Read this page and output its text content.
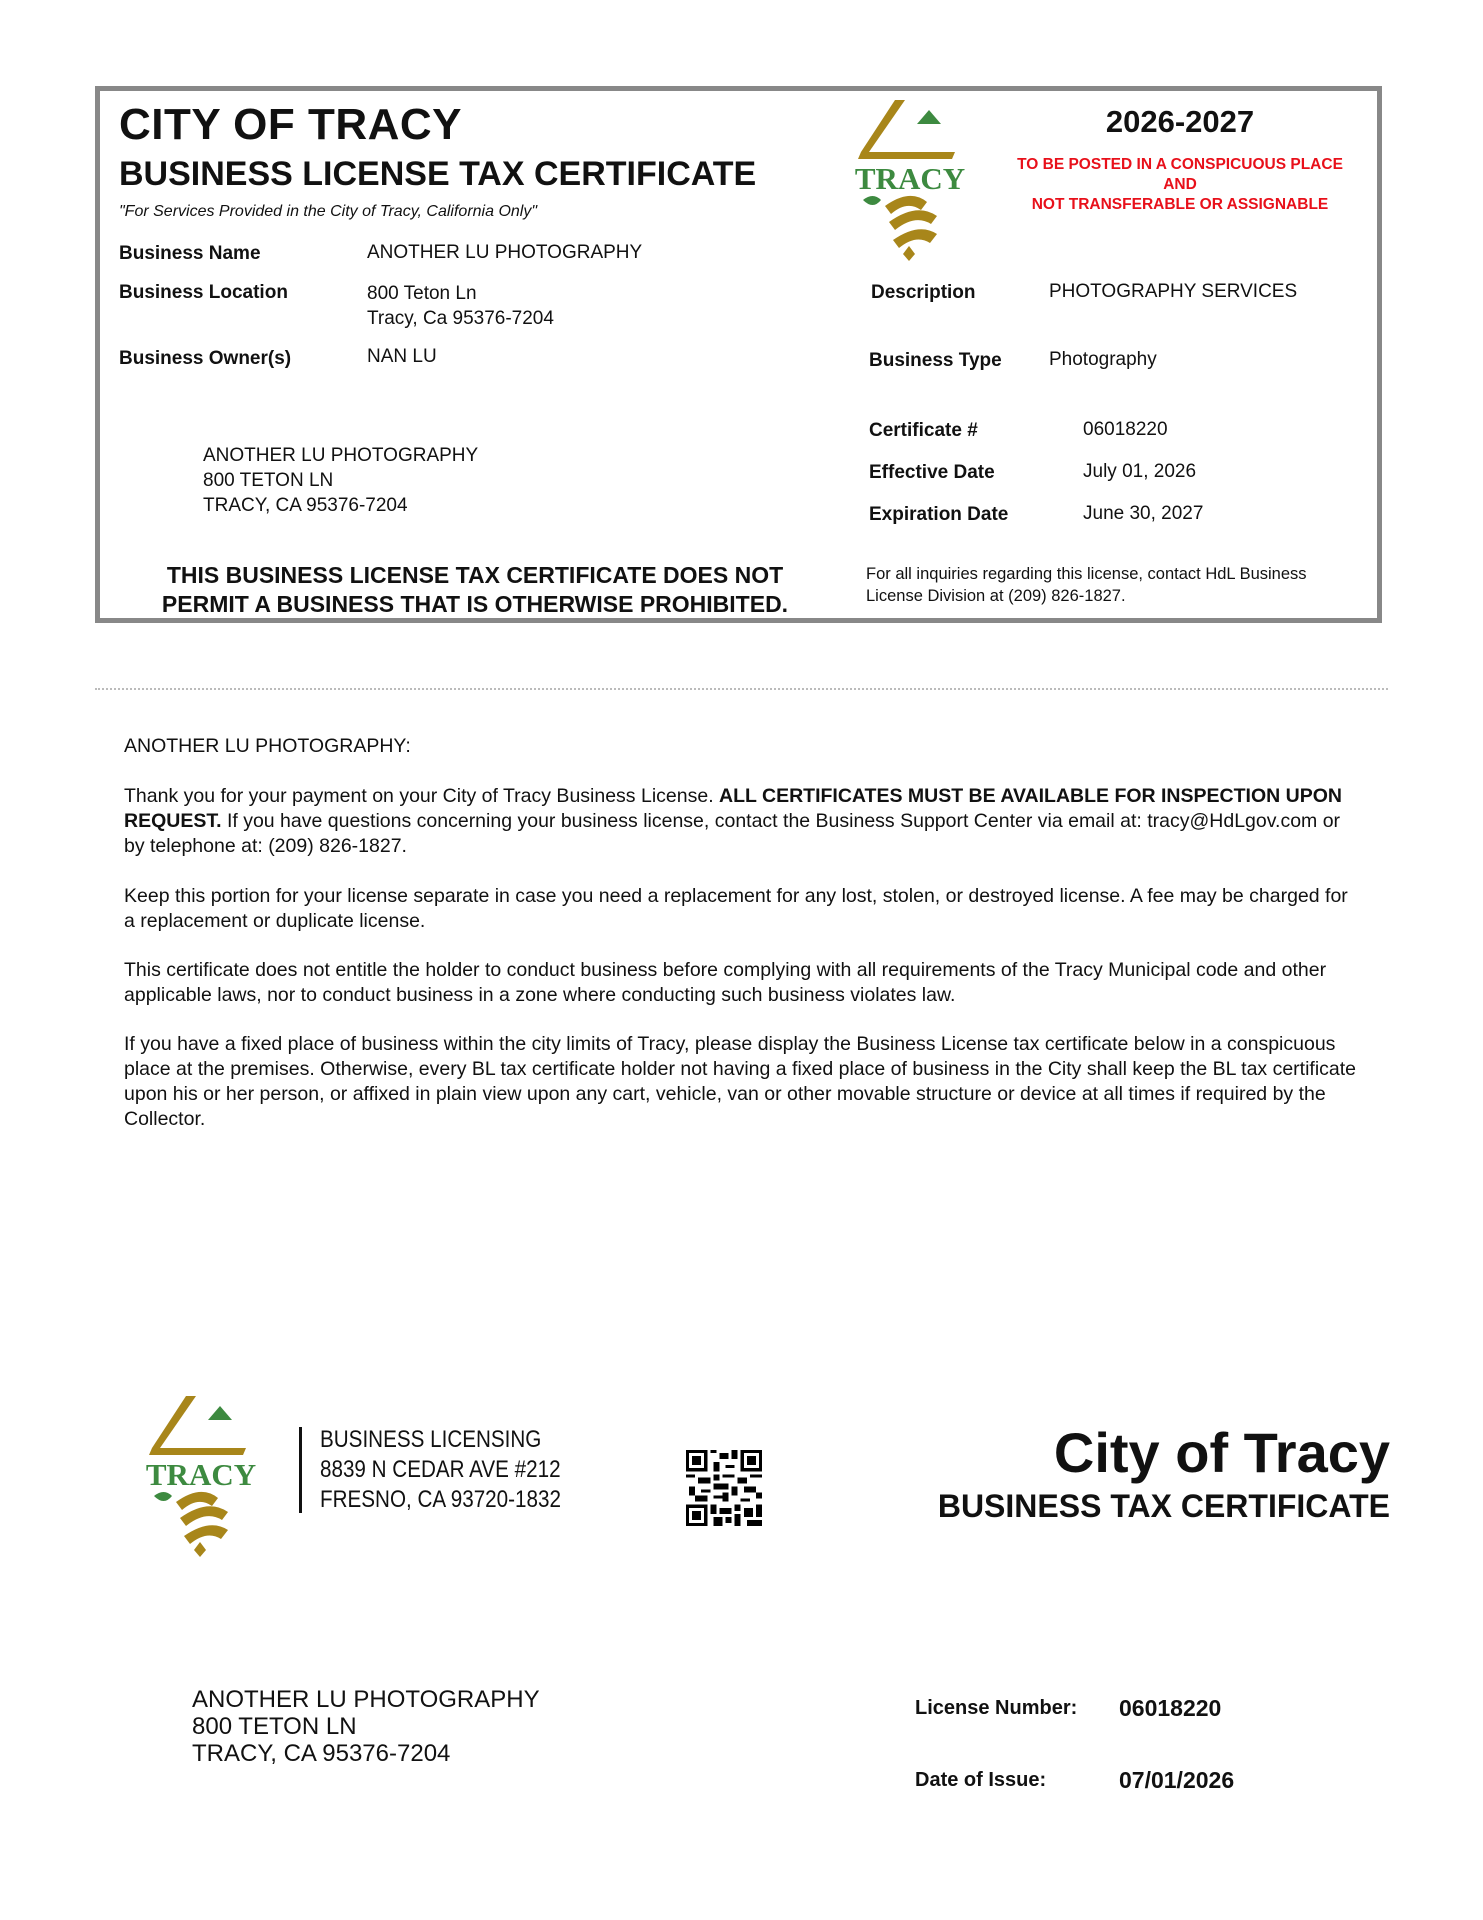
CITY OF TRACY
BUSINESS LICENSE TAX CERTIFICATE
"For Services Provided in the City of Tracy, California Only"
Business Name	ANOTHER LU PHOTOGRAPHY
Business Location	800 Teton Ln
Tracy, Ca 95376-7204
Business Owner(s)	NAN LU
ANOTHER LU PHOTOGRAPHY
800 TETON LN
TRACY, CA 95376-7204
TRACY
2026-2027
TO BE POSTED IN A CONSPICUOUS PLACE
AND
NOT TRANSFERABLE OR ASSIGNABLE
Description	PHOTOGRAPHY SERVICES
Business Type Photography
Certificate #	06018220
Effective Date	July 01, 2026
Expiration Date	June 30, 2027
THIS BUSINESS LICENSE TAX CERTIFICATE DOES NOT
PERMIT A BUSINESS THAT IS OTHERWISE PROHIBITED.
For all inquiries regarding this license, contact HdL Business License Division at (209) 826-1827.
ANOTHER LU PHOTOGRAPHY:
Thank you for your payment on your City of Tracy Business License. ALL CERTIFICATES MUST BE AVAILABLE FOR INSPECTION UPON REQUEST. If you have questions concerning your business license, contact the Business Support Center via email at: tracy@HdLgov.com or by telephone at: (209) 826-1827.
Keep this portion for your license separate in case you need a replacement for any lost, stolen, or destroyed license. A fee may be charged for a replacement or duplicate license.
This certificate does not entitle the holder to conduct business before complying with all requirements of the Tracy Municipal code and other applicable laws, nor to conduct business in a zone where conducting such business violates law.
If you have a fixed place of business within the city limits of Tracy, please display the Business License tax certificate below in a conspicuous place at the premises. Otherwise, every BL tax certificate holder not having a fixed place of business in the City shall keep the BL tax certificate upon his or her person, or affixed in plain view upon any cart, vehicle, van or other movable structure or device at all times if required by the Collector.
TRACY
BUSINESS LICENSING
8839 N CEDAR AVE #212
FRESNO, CA 93720-1832
City of Tracy
BUSINESS TAX CERTIFICATE
ANOTHER LU PHOTOGRAPHY
800 TETON LN
TRACY, CA 95376-7204
License Number: 06018220
Date of Issue:	07/01/2026
